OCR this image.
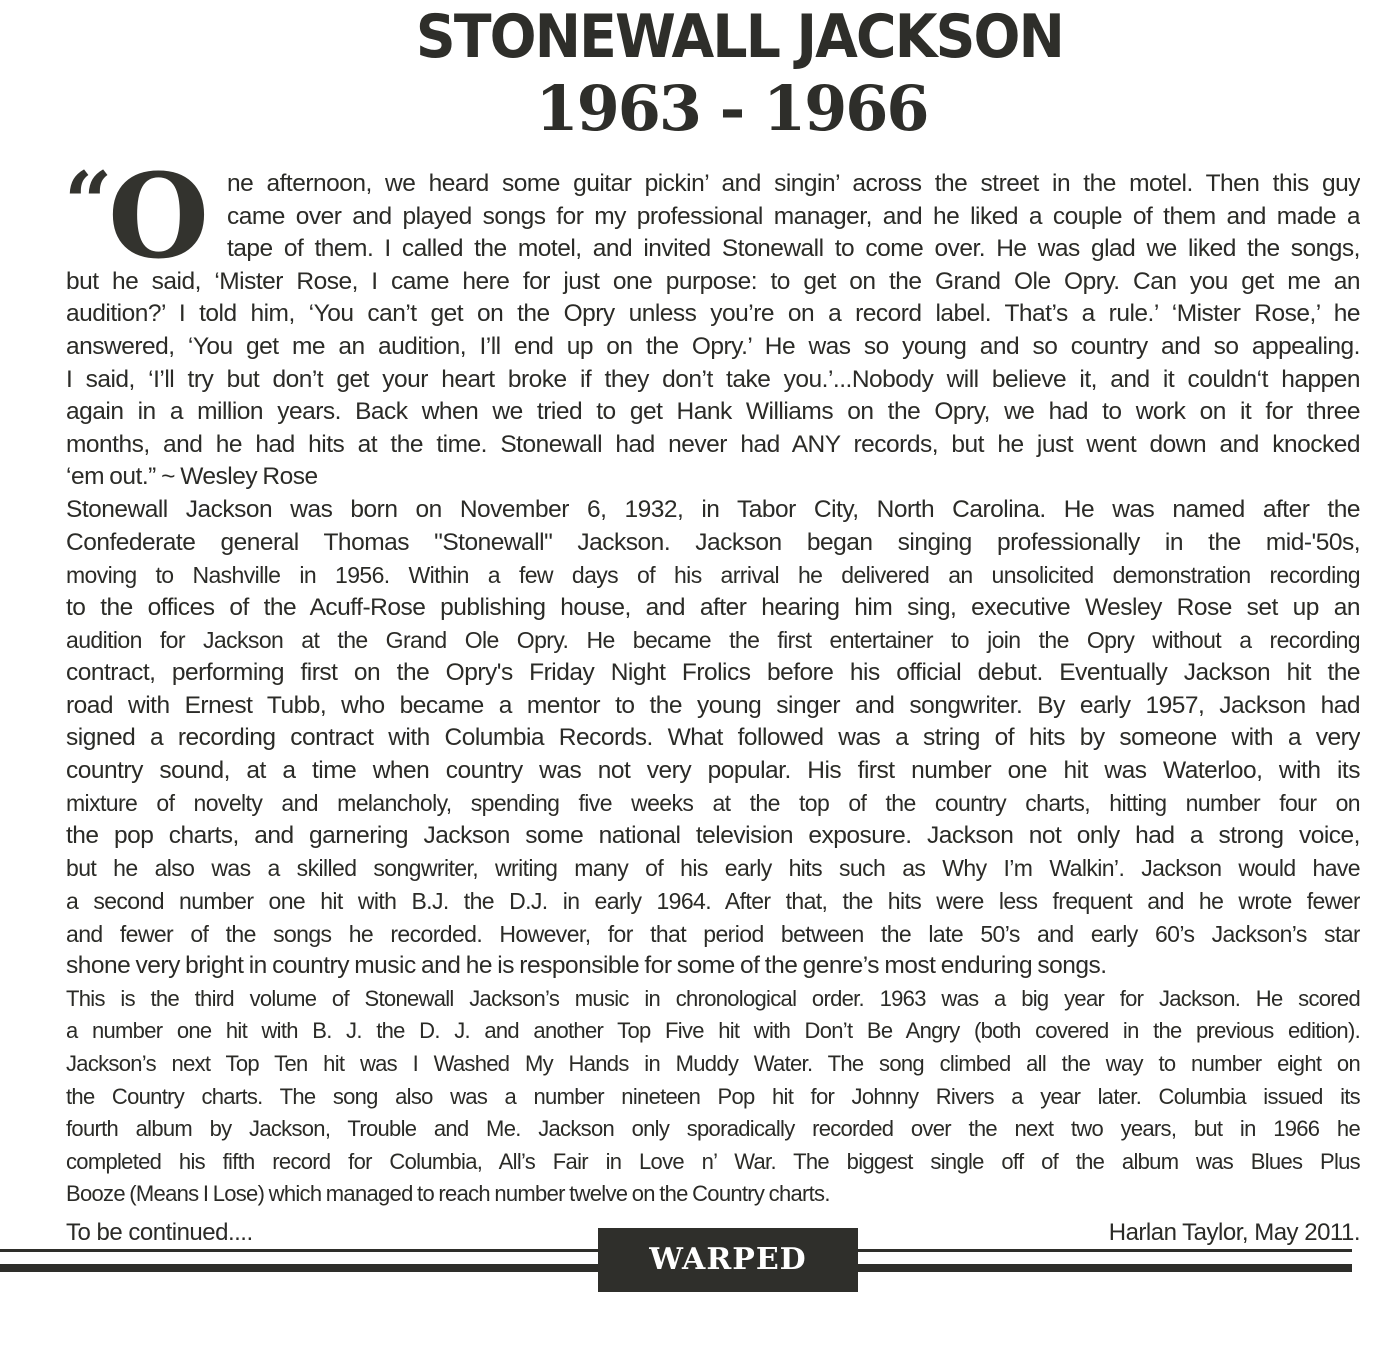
STONEWALL JACKSON
1963 - 1966
“
O ne afternoon, we heard some guitar pickin’ and singin’ across the street in the motel. Then this guy
came over and played songs for my professional manager, and he liked a couple of them and made a
tape of them. I called the motel, and invited Stonewall to come over. He was glad we liked the songs,
but he said, ‘Mister Rose, I came here for just one purpose: to get on the Grand Ole Opry. Can you get me an
audition?’ I told him, ‘You can’t get on the Opry unless you’re on a record label. That’s a rule.’ ‘Mister Rose,’ he
answered, ‘You get me an audition, I’ll end up on the Opry.’ He was so young and so country and so appealing.
I said, ‘I’ll try but don’t get your heart broke if they don’t take you.’...Nobody will believe it, and it couldn‘t happen
again in a million years. Back when we tried to get Hank Williams on the Opry, we had to work on it for three
months, and he had hits at the time. Stonewall had never had ANY records, but he just went down and knocked
‘em out.” ~ Wesley Rose
Stonewall Jackson was born on November 6, 1932, in Tabor City, North Carolina. He was named after the
Confederate general Thomas "Stonewall" Jackson. Jackson began singing professionally in the mid-'50s,
moving to Nashville in 1956. Within a few days of his arrival he delivered an unsolicited demonstration recording
to the offices of the Acuff-Rose publishing house, and after hearing him sing, executive Wesley Rose set up an
audition for Jackson at the Grand Ole Opry. He became the first entertainer to join the Opry without a recording
contract, performing first on the Opry's Friday Night Frolics before his official debut. Eventually Jackson hit the
road with Ernest Tubb, who became a mentor to the young singer and songwriter. By early 1957, Jackson had
signed a recording contract with Columbia Records. What followed was a string of hits by someone with a very
country sound, at a time when country was not very popular. His first number one hit was Waterloo, with its
mixture of novelty and melancholy, spending five weeks at the top of the country charts, hitting number four on
the pop charts, and garnering Jackson some national television exposure. Jackson not only had a strong voice,
but he also was a skilled songwriter, writing many of his early hits such as Why I’m Walkin’. Jackson would have
a second number one hit with B.J. the D.J. in early 1964. After that, the hits were less frequent and he wrote fewer
and fewer of the songs he recorded. However, for that period between the late 50’s and early 60’s Jackson’s star
shone very bright in country music and he is responsible for some of the genre’s most enduring songs.
This is the third volume of Stonewall Jackson’s music in chronological order. 1963 was a big year for Jackson. He scored
a number one hit with B. J. the D. J. and another Top Five hit with Don’t Be Angry (both covered in the previous edition).
Jackson’s next Top Ten hit was I Washed My Hands in Muddy Water. The song climbed all the way to number eight on
the Country charts. The song also was a number nineteen Pop hit for Johnny Rivers a year later. Columbia issued its
fourth album by Jackson, Trouble and Me. Jackson only sporadically recorded over the next two years, but in 1966 he
completed his fifth record for Columbia, All’s Fair in Love n’ War. The biggest single off of the album was Blues Plus
Booze (Means I Lose) which managed to reach number twelve on the Country charts.
To be continued....	Harlan Taylor, May 2011.
WARPED 6467
